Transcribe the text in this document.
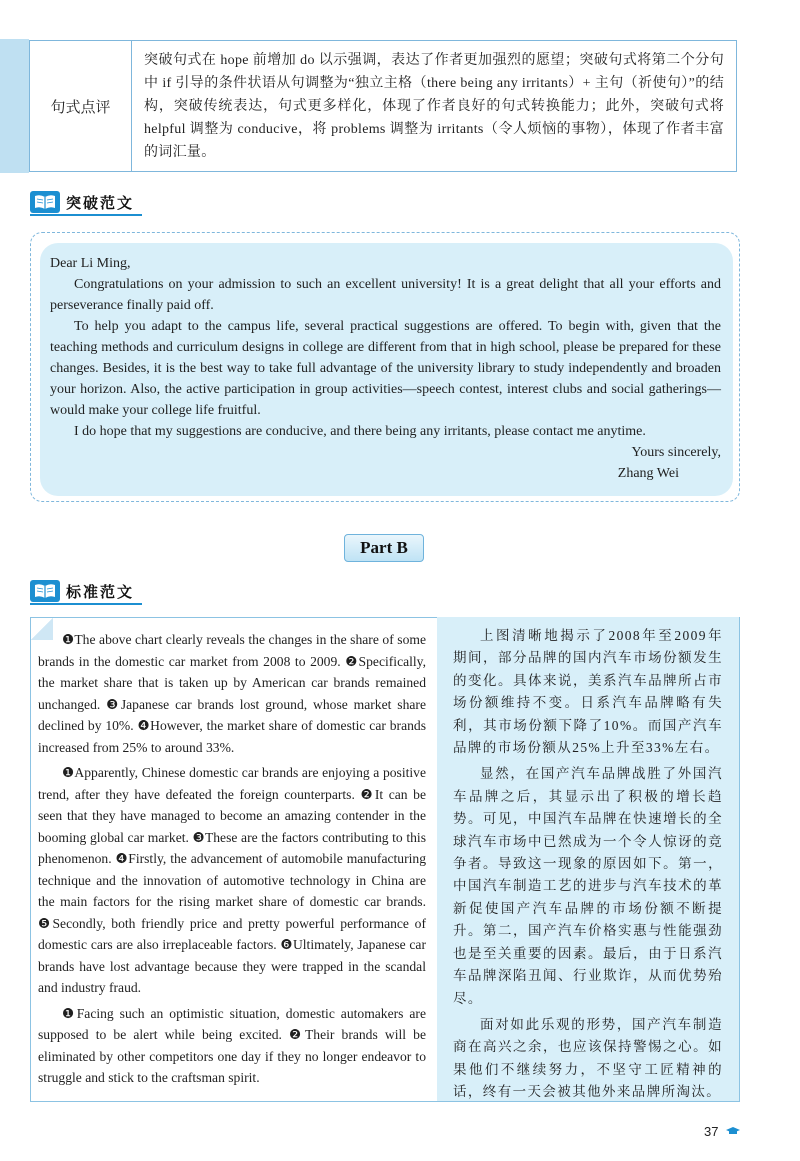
句式点评
突破句式在 hope 前增加 do 以示强调，表达了作者更加强烈的愿望；突破句式将第二个分句中 if 引导的条件状语从句调整为“独立主格（there being any irritants）+ 主句（祈使句）”的结构，突破传统表达，句式更多样化，体现了作者良好的句式转换能力；此外，突破句式将 helpful 调整为 conducive，将 problems 调整为 irritants（令人烦恼的事物），体现了作者丰富的词汇量。
突破范文

Dear Li Ming,

Congratulations on your admission to such an excellent university! It is a great delight that all your efforts and perseverance finally paid off.

To help you adapt to the campus life, several practical suggestions are offered. To begin with, given that the teaching methods and curriculum designs in college are different from that in high school, please be prepared for these changes. Besides, it is the best way to take full advantage of the university library to study independently and broaden your horizon. Also, the active participation in group activities—speech contest, interest clubs and social gatherings—would make your college life fruitful.

I do hope that my suggestions are conducive, and there being any irritants, please contact me anytime.

Yours sincerely,

Zhang Wei

Part B
标准范文

❶The above chart clearly reveals the changes in the share of some brands in the domestic car market from 2008 to 2009. ❷Specifically, the market share that is taken up by American car brands remained unchanged. ❸Japanese car brands lost ground, whose market share declined by 10%. ❹However, the market share of domestic car brands increased from 25% to around 33%.

❶Apparently, Chinese domestic car brands are enjoying a positive trend, after they have defeated the foreign counterparts. ❷It can be seen that they have managed to become an amazing contender in the booming global car market. ❸These are the factors contributing to this phenomenon. ❹Firstly, the advancement of automobile manufacturing technique and the innovation of automotive technology in China are the main factors for the rising market share of domestic car brands. ❺Secondly, both friendly price and pretty powerful performance of domestic cars are also irreplaceable factors. ❻Ultimately, Japanese car brands have lost advantage because they were trapped in the scandal and industry fraud.

❶Facing such an optimistic situation, domestic automakers are supposed to be alert while being excited. ❷Their brands will be eliminated by other competitors one day if they no longer endeavor to struggle and stick to the craftsman spirit.

上图清晰地揭示了2008年至2009年期间，部分品牌的国内汽车市场份额发生的变化。具体来说，美系汽车品牌所占市场份额维持不变。日系汽车品牌略有失利，其市场份额下降了10%。而国产汽车品牌的市场份额从25%上升至33%左右。

显然，在国产汽车品牌战胜了外国汽车品牌之后，其显示出了积极的增长趋势。可见，中国汽车品牌在快速增长的全球汽车市场中已然成为一个令人惊讶的竞争者。导致这一现象的原因如下。第一，中国汽车制造工艺的进步与汽车技术的革新促使国产汽车品牌的市场份额不断提升。第二，国产汽车价格实惠与性能强劲也是至关重要的因素。最后，由于日系汽车品牌深陷丑闻、行业欺诈，从而优势殆尽。

面对如此乐观的形势，国产汽车制造商在高兴之余，也应该保持警惕之心。如果他们不继续努力，不坚守工匠精神的话，终有一天会被其他外来品牌所淘汰。

37
